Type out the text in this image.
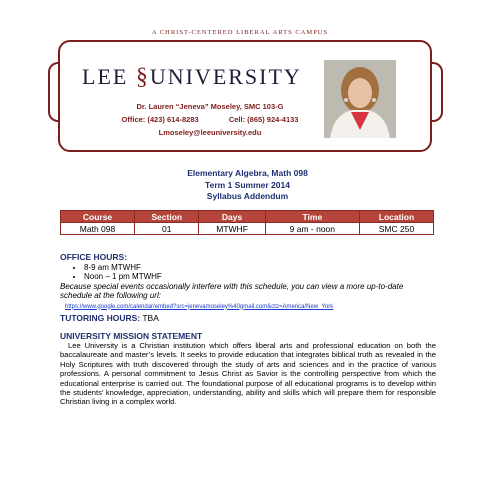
A CHRIST-CENTERED LIBERAL ARTS CAMPUS
LEE §UNIVERSITY
Dr. Lauren “Jeneva” Moseley, SMC 103-G
Office: (423) 614-8283	Cell: (865) 924-4133
Lmoseley@leeuniversity.edu
Elementary Algebra, Math 098
Term 1 Summer 2014
Syllabus Addendum
Course	Section	Days	Time	Location
Math 098	01	MTWHF	9 am - noon	SMC 250
OFFICE HOURS:
• 8-9 am MTWHF
• Noon – 1 pm MTWHF
Because special events occasionally interfere with this schedule, you can view a more up-to-date schedule at the following url:
https://www.google.com/calendar/embed?src=jenevamoseley%40gmail.com&ctz=America/New_York
TUTORING HOURS: TBA
UNIVERSITY MISSION STATEMENT
Lee University is a Christian institution which offers liberal arts and professional education on both the baccalaureate and master’s levels. It seeks to provide education that integrates biblical truth as revealed in the Holy Scriptures with truth discovered through the study of arts and sciences and in the practice of various professions. A personal commitment to Jesus Christ as Savior is the controlling perspective from which the educational enterprise is carried out. The foundational purpose of all educational programs is to develop within the students’ knowledge, appreciation, understanding, ability and skills which will prepare them for responsible Christian living in a complex world.
